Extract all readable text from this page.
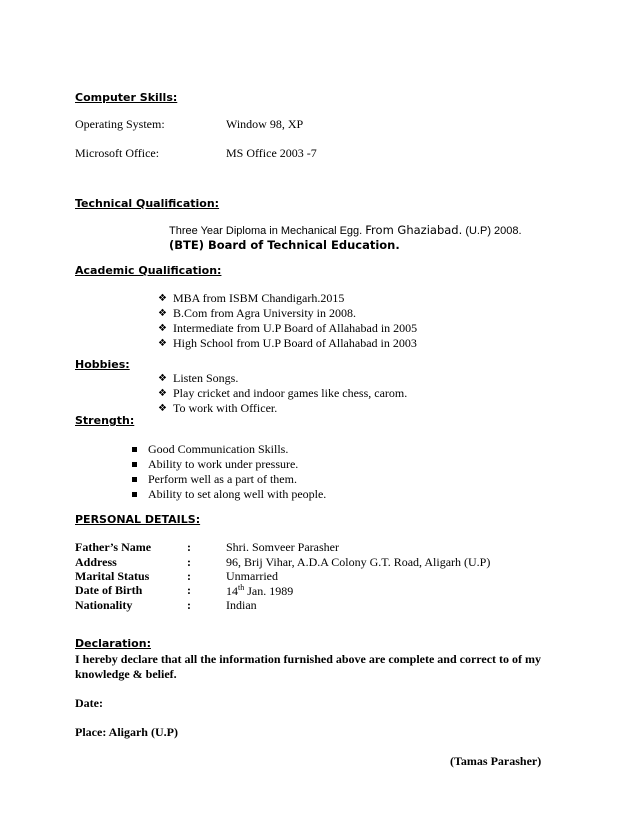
Computer Skills:
Operating System:	Window 98, XP
Microsoft Office:	MS Office 2003 -7
Technical Qualification:
Three Year Diploma in Mechanical Egg. From Ghaziabad. (U.P) 2008.
(BTE) Board of Technical Education.
Academic Qualification:
❖ MBA from ISBM Chandigarh.2015
❖ B.Com from Agra University in 2008.
❖ Intermediate from U.P Board of Allahabad in 2005
❖ High School from U.P Board of Allahabad in 2003
Hobbies:
❖ Listen Songs.
❖ Play cricket and indoor games like chess, carom.
❖ To work with Officer.
Strength:
Good Communication Skills.
Ability to work under pressure.
Perform well as a part of them.
Ability to set along well with people.
PERSONAL DETAILS:
Father’s Name	:	Shri. Somveer Parasher
Address	:	96, Brij Vihar, A.D.A Colony G.T. Road, Aligarh (U.P)
Marital Status	:	Unmarried
Date of Birth	:	14th Jan. 1989
Nationality	:	Indian
Declaration:
I hereby declare that all the information furnished above are complete and correct to of my
knowledge & belief.
Date:
Place: Aligarh (U.P)
(Tamas Parasher)
